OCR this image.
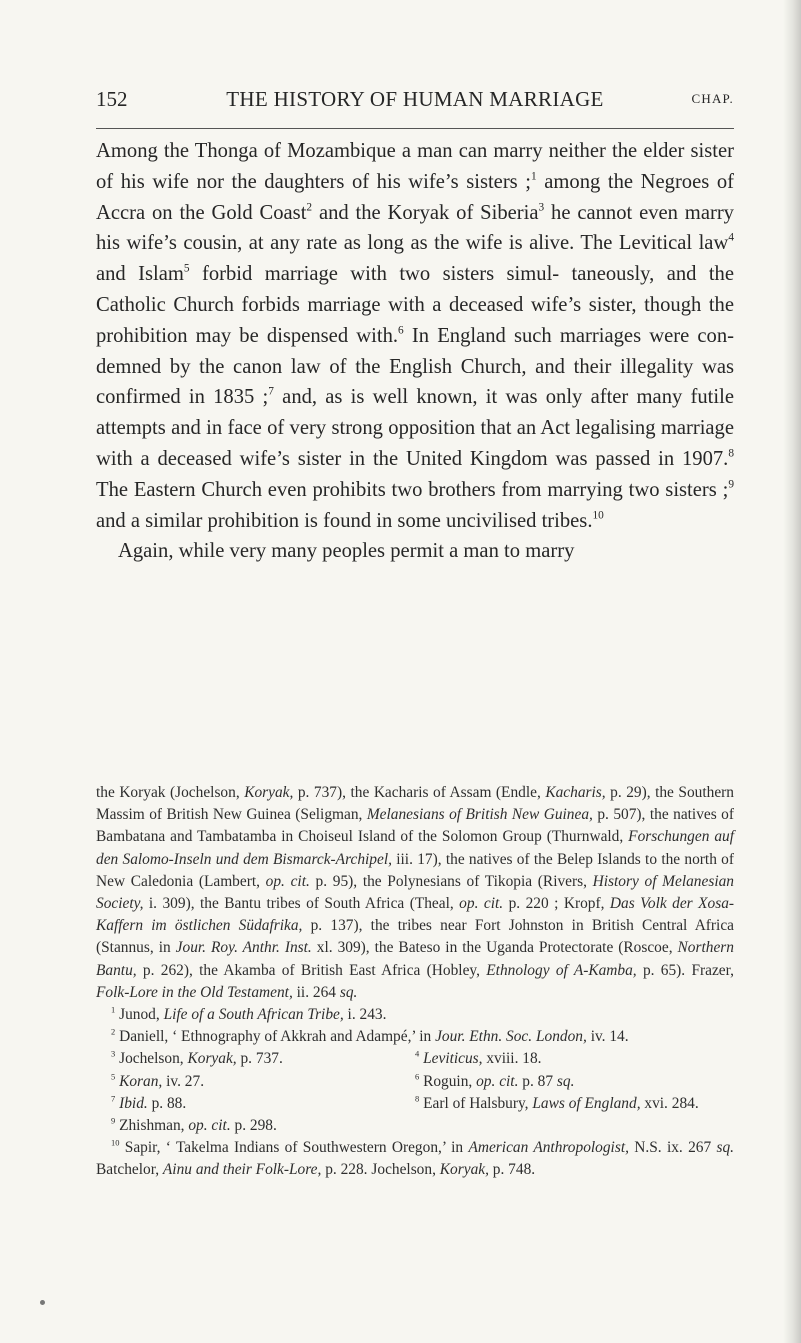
152	THE HISTORY OF HUMAN MARRIAGE	CHAP.

Among the Thonga of Mozambique a man can marry neither the elder sister of his wife nor the daughters of his wife’s sisters ;$^1$ among the Negroes of Accra on the Gold Coast$^2$ and the Koryak of Siberia$^3$ he cannot even marry his wife’s cousin, at any rate as long as the wife is alive. The Levitical law$^4$ and Islam$^5$ forbid marriage with two sisters simul- taneously, and the Catholic Church forbids marriage with a deceased wife’s sister, though the prohibition may be dispensed with.$^6$ In England such marriages were con- demned by the canon law of the English Church, and their illegality was confirmed in 1835 ;$^7$ and, as is well known, it was only after many futile attempts and in face of very strong opposition that an Act legalising marriage with a deceased wife’s sister in the United Kingdom was passed in 1907.$^8$ The Eastern Church even prohibits two brothers from marrying two sisters ;$^9$ and a similar prohibition is found in some uncivilised tribes.$^{10}$

Again, while very many peoples permit a man to marry

the Koryak (Jochelson, Koryak, p. 737), the Kacharis of Assam (Endle, Kacharis, p. 29), the Southern Massim of British New Guinea (Seligman, Melanesians of British New Guinea, p. 507), the natives of Bambatana and Tambatamba in Choiseul Island of the Solomon Group (Thurnwald, Forschungen auf den Salomo-Inseln und dem Bismarck-Archipel, iii. 17), the natives of the Belep Islands to the north of New Caledonia (Lambert, op. cit. p. 95), the Polynesians of Tikopia (Rivers, History of Melanesian Society, i. 309), the Bantu tribes of South Africa (Theal, op. cit. p. 220 ; Kropf, Das Volk der Xosa-Kaffern im östlichen Südafrika, p. 137), the tribes near Fort Johnston in British Central Africa (Stannus, in Jour. Roy. Anthr. Inst. xl. 309), the Bateso in the Uganda Protectorate (Roscoe, Northern Bantu, p. 262), the Akamba of British East Africa (Hobley, Ethnology of A-Kamba, p. 65). Frazer, Folk-Lore in the Old Testament, ii. 264 sq.

$^1$ Junod, Life of a South African Tribe, i. 243.

$^2$ Daniell, ‘ Ethnography of Akkrah and Adampé,’ in Jour. Ethn. Soc. London, iv. 14.

$^3$ Jochelson, Koryak, p. 737.	$^4$ Leviticus, xviii. 18.
$^5$ Koran, iv. 27.	$^6$ Roguin, op. cit. p. 87 sq.
$^7$ Ibid. p. 88.	$^8$ Earl of Halsbury, Laws of England, xvi. 284.

$^9$ Zhishman, op. cit. p. 298.

$^{10}$ Sapir, ‘ Takelma Indians of Southwestern Oregon,’ in American Anthropologist, N.S. ix. 267 sq. Batchelor, Ainu and their Folk-Lore, p. 228. Jochelson, Koryak, p. 748.
